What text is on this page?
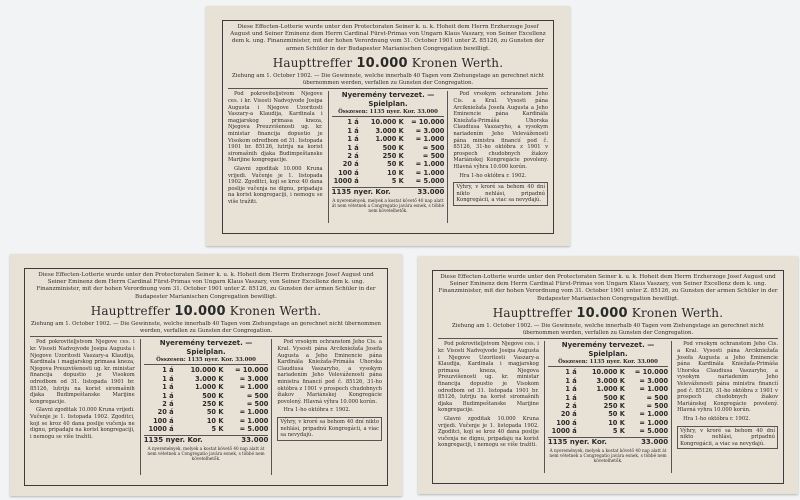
Diese Effecten-Lotterie wurde unter den Protectoraten Seiner k. u. k. Hoheit dem Herrn Erzherzoge Josef August und Seiner Eminenz dem Herrn Cardinal Fürst-Primas von Ungarn Klaus Vaszary, von Seiner Excellenz dem k. ung. Finanzminister, mit der hohen Verordnung vom 31. October 1901 unter Z. 85126, zu Gunsten der armen Schüler in der Budapester Marianischen Congregation bewilligt.

Haupttreffer 10.000 Kronen Werth.

Ziehung am 1. October 1902. — Die Gewinnste, welche innerhalb 40 Tagen vom Ziehungstage an gerechnet nicht übernommen werden, verfallen zu Gunsten der Congregation.

Pod pokroviteljstvom Njegove ces. i kr. Visosti Nadvojvode Josipa Augusta i Njegove Uzoritosti Vaszary-a Klaudija, Kardinala i magjarskog primasa kneza, Njegova Preuzvišenosti ug. kr. ministar financija dopustio je Visokom odredbom od 31. listopada 1901 br. 85126, lutriju na korist siromašnih djaka Budimpeštanske Marijine kongregacije.

Glavni zgoditak 10.000 Kruna vrijedi. Vučenje je 1. listopada 1902. Zgoditci, koji se kroz 40 dana poslije vučenja ne dignu, pripadaju na korist kongregaciji, i nemogu se više tražiti.

Nyeremény tervezet. — Spielplan.
Összesen: 1135 nyer. Kor. 33.000
1 á	10.000 K	= 10.000
1 á	3.000 K	= 3.000
1 á	1.000 K	= 1.000
1 á	500 K	= 500
2 á	250 K	= 500
20 á	50 K	= 1.000
100 á	10 K	= 1.000
1000 á	5 K	= 5.000
1135 nyer. Kor.	33.000
A nyeremények, melyek a kostat követő 40 nap alatt át nem vétetnek a Congregatio javára esnek, s többé nem követelhetők.

Pod vrsokym ochranstom Jeho Cis. a Kral. Vysosti pána Arcikniežaťa Josefa Augusta a Jeho Eminencie pána Kardinála Kniežaťa-Primáša Uhorska Claudiusa Vaszaryho, a vysokym nariadením Jeho Veleváženosti pána ministra financií pod č. 85126, 31-ho októbra z 1901 v prospech chudobnych žiakov Mariánskej Kongregácie povolený. Hlavná výhra 10.000 korún.

Hra 1-ho októbra r. 1902.

Výhry, v kroré sa behom 40 dní nikto nehlási, pripadnú Kongregácii, a viac sa nevydajú.

Diese Effecten-Lotterie wurde unter den Protectoraten Seiner k. u. k. Hoheit dem Herrn Erzherzoge Josef August und Seiner Eminenz dem Herrn Cardinal Fürst-Primas von Ungarn Klaus Vaszary, von Seiner Excellenz dem k. ung. Finanzminister, mit der hohen Verordnung vom 31. October 1901 unter Z. 85126, zu Gunsten der armen Schüler in der Budapester Marianischen Congregation bewilligt.

Haupttreffer 10.000 Kronen Werth.

Ziehung am 1. October 1902. — Die Gewinnste, welche innerhalb 40 Tagen vom Ziehungstage an gerechnet nicht übernommen werden, verfallen zu Gunsten der Congregation.

Pod pokroviteljstvom Njegove ces. i kr. Visosti Nadvojvode Josipa Augusta i Njegove Uzoritosti Vaszary-a Klaudija, Kardinala i magjarskog primasa kneza, Njegova Preuzvišenosti ug. kr. ministar financija dopustio je Visokom odredbom od 31. listopada 1901 br. 85126, lutriju na korist siromašnih djaka Budimpeštanske Marijine kongregacije.

Glavni zgoditak 10.000 Kruna vrijedi. Vučenje je 1. listopada 1902. Zgoditci, koji se kroz 40 dana poslije vučenja ne dignu, pripadaju na korist kongregaciji, i nemogu se više tražiti.

Nyeremény tervezet. — Spielplan.
Összesen: 1135 nyer. Kor. 33.000
1 á	10.000 K	= 10.000
1 á	3.000 K	= 3.000
1 á	1.000 K	= 1.000
1 á	500 K	= 500
2 á	250 K	= 500
20 á	50 K	= 1.000
100 á	10 K	= 1.000
1000 á	5 K	= 5.000
1135 nyer. Kor.	33.000
A nyeremények, melyek a kostat követő 40 nap alatt át nem vétetnek a Congregatio javára esnek, s többé nem követelhetők.

Pod vrsokym ochranstom Jeho Cis. a Kral. Vysosti pána Arcikniežaťa Josefa Augusta a Jeho Eminencie pána Kardinála Kniežaťa-Primáša Uhorska Claudiusa Vaszaryho, a vysokym nariadením Jeho Veleváženosti pána ministra financií pod č. 85126, 31-ho októbra z 1901 v prospech chudobnych žiakov Mariánskej Kongregácie povolený. Hlavná výhra 10.000 korún.

Hra 1-ho októbra r. 1902.

Výhry, v kroré sa behom 40 dní nikto nehlási, pripadnú Kongregácii, a viac sa nevydajú.

Diese Effecten-Lotterie wurde unter den Protectoraten Seiner k. u. k. Hoheit dem Herrn Erzherzoge Josef August und Seiner Eminenz dem Herrn Cardinal Fürst-Primas von Ungarn Klaus Vaszary, von Seiner Excellenz dem k. ung. Finanzminister, mit der hohen Verordnung vom 31. October 1901 unter Z. 85126, zu Gunsten der armen Schüler in der Budapester Marianischen Congregation bewilligt.

Haupttreffer 10.000 Kronen Werth.

Ziehung am 1. October 1902. — Die Gewinnste, welche innerhalb 40 Tagen vom Ziehungstage an gerechnet nicht übernommen werden, verfallen zu Gunsten der Congregation.

Pod pokroviteljstvom Njegove ces. i kr. Visosti Nadvojvode Josipa Augusta i Njegove Uzoritosti Vaszary-a Klaudija, Kardinala i magjarskog primasa kneza, Njegova Preuzvišenosti ug. kr. ministar financija dopustio je Visokom odredbom od 31. listopada 1901 br. 85126, lutriju na korist siromašnih djaka Budimpeštanske Marijine kongregacije.

Glavni zgoditak 10.000 Kruna vrijedi. Vučenje je 1. listopada 1902. Zgoditci, koji se kroz 40 dana poslije vučenja ne dignu, pripadaju na korist kongregaciji, i nemogu se više tražiti.

Nyeremény tervezet. — Spielplan.
Összesen: 1135 nyer. Kor. 33.000
1 á	10.000 K	= 10.000
1 á	3.000 K	= 3.000
1 á	1.000 K	= 1.000
1 á	500 K	= 500
2 á	250 K	= 500
20 á	50 K	= 1.000
100 á	10 K	= 1.000
1000 á	5 K	= 5.000
1135 nyer. Kor.	33.000
A nyeremények, melyek a kostat követő 40 nap alatt át nem vétetnek a Congregatio javára esnek, s többé nem követelhetők.

Pod vrsokym ochranstom Jeho Cis. a Kral. Vysosti pána Arcikniežaťa Josefa Augusta a Jeho Eminencie pána Kardinála Kniežaťa-Primáša Uhorska Claudiusa Vaszaryho, a vysokym nariadením Jeho Veleváženosti pána ministra financií pod č. 85126, 31-ho októbra z 1901 v prospech chudobnych žiakov Mariánskej Kongregácie povolený. Hlavná výhra 10.000 korún.

Hra 1-ho októbra r. 1902.

Výhry, v kroré sa behom 40 dní nikto nehlási, pripadnú Kongregácii, a viac sa nevydajú.
